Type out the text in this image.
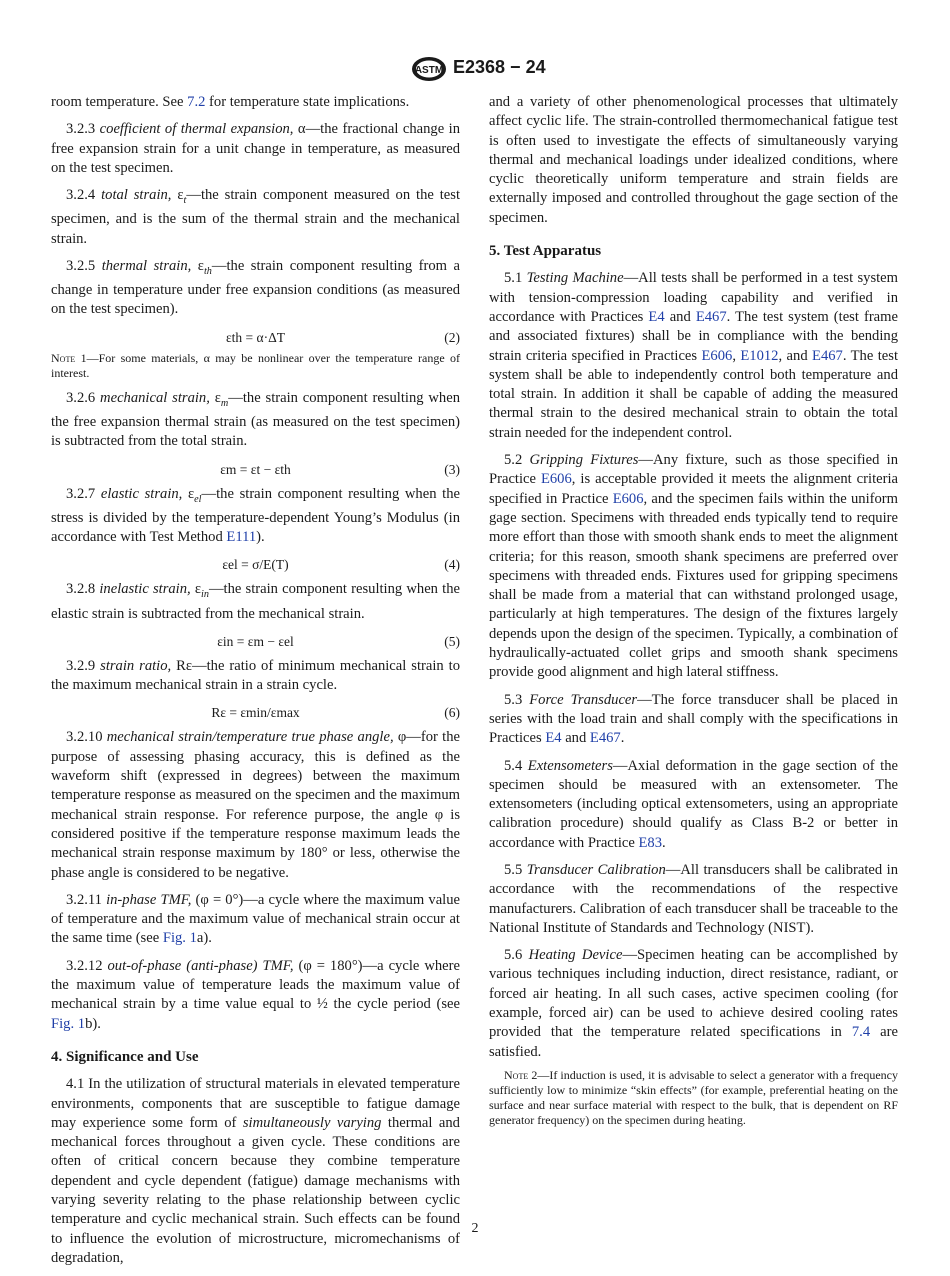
ASTM E2368 − 24

room temperature. See 7.2 for temperature state implications.

3.2.3 coefficient of thermal expansion, α—the fractional change in free expansion strain for a unit change in temperature, as measured on the test specimen.

3.2.4 total strain, $\varepsilon_t—the$ strain component measured on the test specimen, and is the sum of the thermal strain and the mechanical strain.

3.2.5 thermal strain, $\varepsilon_{th}—the$ strain component resulting from a change in temperature under free expansion conditions (as measured on the test specimen).

εth = α·ΔT	(2)
Note 1—For some materials, α may be nonlinear over the temperature range of interest.

3.2.6 mechanical strain, $\varepsilon_m—the$ strain component resulting when the free expansion thermal strain (as measured on the test specimen) is subtracted from the total strain.

εm = εt − εth	(3)

3.2.7 elastic strain, $\varepsilon_{el}—the$ strain component resulting when the stress is divided by the temperature-dependent Young’s Modulus (in accordance with Test Method E111).

εel = σ/E(T)	(4)

3.2.8 inelastic strain, $\varepsilon_{in}—the$ strain component resulting when the elastic strain is subtracted from the mechanical strain.

εin = εm − εel	(5)

3.2.9 strain ratio, Rε—the ratio of minimum mechanical strain to the maximum mechanical strain in a strain cycle.

Rε = εmin/εmax	(6)

3.2.10 mechanical strain/temperature true phase angle, φ—for the purpose of assessing phasing accuracy, this is defined as the waveform shift (expressed in degrees) between the maximum temperature response as measured on the specimen and the maximum mechanical strain response. For reference purpose, the angle φ is considered positive if the temperature response maximum leads the mechanical strain response maximum by 180° or less, otherwise the phase angle is considered to be negative.

3.2.11 in-phase TMF, (φ = 0°)—a cycle where the maximum value of temperature and the maximum value of mechanical strain occur at the same time (see Fig. 1a).

3.2.12 out-of-phase (anti-phase) TMF, (φ = 180°)—a cycle where the maximum value of temperature leads the maximum value of mechanical strain by a time value equal to ½ the cycle period (see Fig. 1b).

4. Significance and Use

4.1 In the utilization of structural materials in elevated temperature environments, components that are susceptible to fatigue damage may experience some form of simultaneously varying thermal and mechanical forces throughout a given cycle. These conditions are often of critical concern because they combine temperature dependent and cycle dependent (fatigue) damage mechanisms with varying severity relating to the phase relationship between cyclic temperature and cyclic mechanical strain. Such effects can be found to influence the evolution of microstructure, micromechanisms of degradation,

and a variety of other phenomenological processes that ultimately affect cyclic life. The strain-controlled thermomechanical fatigue test is often used to investigate the effects of simultaneously varying thermal and mechanical loadings under idealized conditions, where cyclic theoretically uniform temperature and strain fields are externally imposed and controlled throughout the gage section of the specimen.

5. Test Apparatus

5.1 Testing Machine—All tests shall be performed in a test system with tension-compression loading capability and verified in accordance with Practices E4 and E467. The test system (test frame and associated fixtures) shall be in compliance with the bending strain criteria specified in Practices E606, E1012, and E467. The test system shall be able to independently control both temperature and total strain. In addition it shall be capable of adding the measured thermal strain to the desired mechanical strain to obtain the total strain needed for the independent control.

5.2 Gripping Fixtures—Any fixture, such as those specified in Practice E606, is acceptable provided it meets the alignment criteria specified in Practice E606, and the specimen fails within the uniform gage section. Specimens with threaded ends typically tend to require more effort than those with smooth shank ends to meet the alignment criteria; for this reason, smooth shank specimens are preferred over specimens with threaded ends. Fixtures used for gripping specimens shall be made from a material that can withstand prolonged usage, particularly at high temperatures. The design of the fixtures largely depends upon the design of the specimen. Typically, a combination of hydraulically-actuated collet grips and smooth shank specimens provide good alignment and high lateral stiffness.

5.3 Force Transducer—The force transducer shall be placed in series with the load train and shall comply with the specifications in Practices E4 and E467.

5.4 Extensometers—Axial deformation in the gage section of the specimen should be measured with an extensometer. The extensometers (including optical extensometers, using an appropriate calibration procedure) should qualify as Class B-2 or better in accordance with Practice E83.

5.5 Transducer Calibration—All transducers shall be calibrated in accordance with the recommendations of the respective manufacturers. Calibration of each transducer shall be traceable to the National Institute of Standards and Technology (NIST).

5.6 Heating Device—Specimen heating can be accomplished by various techniques including induction, direct resistance, radiant, or forced air heating. In all such cases, active specimen cooling (for example, forced air) can be used to achieve desired cooling rates provided that the temperature related specifications in 7.4 are satisfied.

Note 2—If induction is used, it is advisable to select a generator with a frequency sufficiently low to minimize “skin effects” (for example, preferential heating on the surface and near surface material with respect to the bulk, that is dependent on RF generator frequency) on the specimen during heating.
2
